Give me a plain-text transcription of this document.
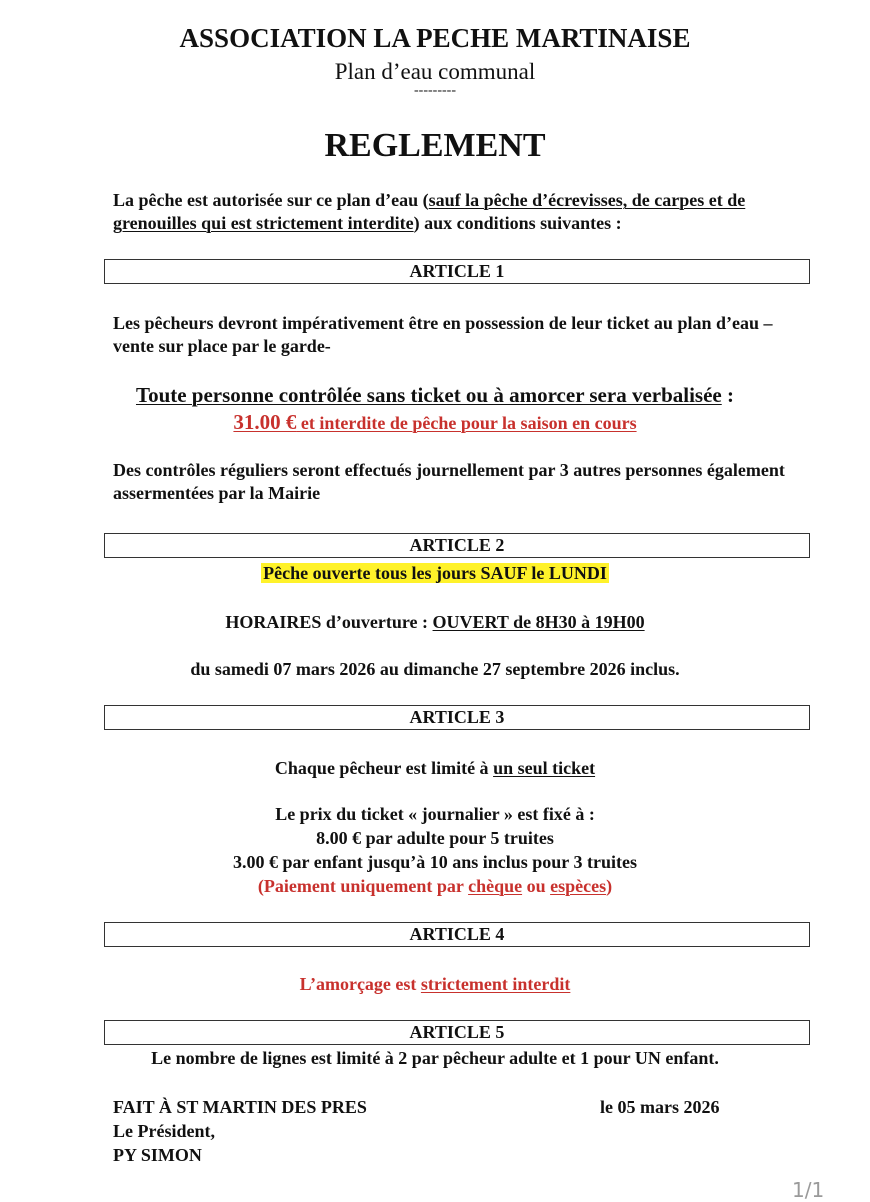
ASSOCIATION LA PECHE MARTINAISE
Plan d’eau communal
---------
REGLEMENT
La pêche est autorisée sur ce plan d’eau (sauf la pêche d’écrevisses, de carpes et de grenouilles qui est strictement interdite) aux conditions suivantes :
ARTICLE 1
Les pêcheurs devront impérativement être en possession de leur ticket au plan d’eau – vente sur place par le garde-
Toute personne contrôlée sans ticket ou à amorcer sera verbalisée :
31.00 € et interdite de pêche pour la saison en cours
Des contrôles réguliers seront effectués journellement par 3 autres personnes également assermentées par la Mairie
ARTICLE 2
Pêche ouverte tous les jours SAUF le LUNDI
HORAIRES d’ouverture : OUVERT de 8H30 à 19H00
du samedi 07 mars 2026 au dimanche 27 septembre 2026 inclus.
ARTICLE 3
Chaque pêcheur est limité à un seul ticket
Le prix du ticket « journalier » est fixé à :
8.00 € par adulte pour 5 truites
3.00 € par enfant jusqu’à 10 ans inclus pour 3 truites
(Paiement uniquement par chèque ou espèces)
ARTICLE 4
L’amorçage est strictement interdit
ARTICLE 5
Le nombre de lignes est limité à 2 par pêcheur adulte et 1 pour UN enfant.
FAIT À ST MARTIN DES PRES	le 05 mars 2026
Le Président,
PY SIMON
1/1
